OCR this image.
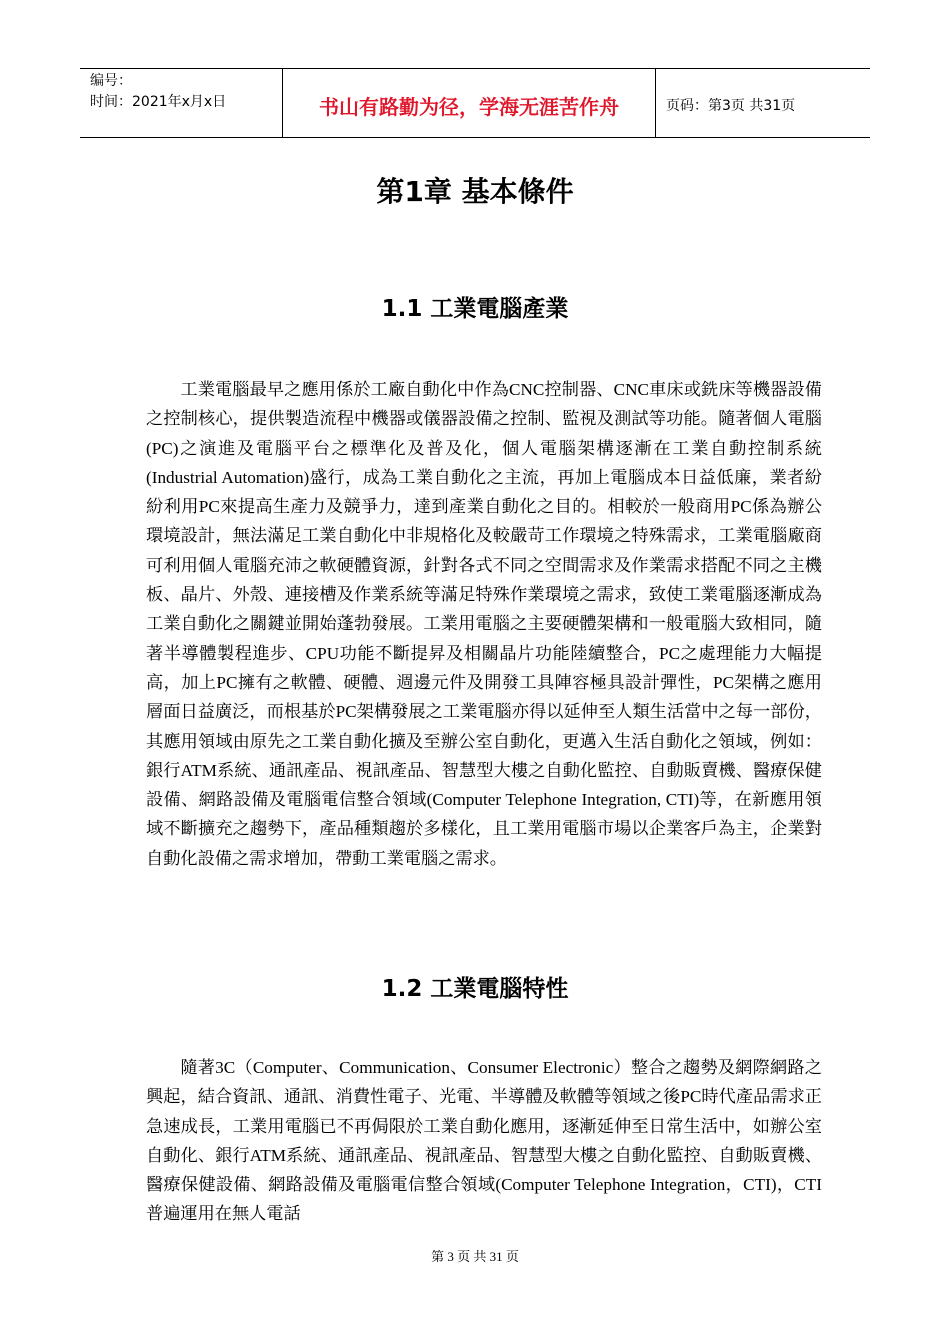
编号：
时间：2021年x月x日	书山有路勤为径，学海无涯苦作舟	页码：第3页 共31页
第1章 基本條件
1.1 工業電腦產業

工業電腦最早之應用係於工廠自動化中作為CNC控制器、CNC車床或銑床等機器設備之控制核心，提供製造流程中機器或儀器設備之控制、監視及測試等功能。隨著個人電腦(PC)之演進及電腦平台之標準化及普及化，個人電腦架構逐漸在工業自動控制系統(Industrial Automation)盛行，成為工業自動化之主流，再加上電腦成本日益低廉，業者紛紛利用PC來提高生產力及競爭力，達到產業自動化之目的。相較於一般商用PC係為辦公環境設計，無法滿足工業自動化中非規格化及較嚴苛工作環境之特殊需求，工業電腦廠商可利用個人電腦充沛之軟硬體資源，針對各式不同之空間需求及作業需求搭配不同之主機板、晶片、外殼、連接槽及作業系統等滿足特殊作業環境之需求，致使工業電腦逐漸成為工業自動化之關鍵並開始蓬勃發展。工業用電腦之主要硬體架構和一般電腦大致相同，隨著半導體製程進步、CPU功能不斷提昇及相關晶片功能陸續整合，PC之處理能力大幅提高，加上PC擁有之軟體、硬體、週邊元件及開發工具陣容極具設計彈性，PC架構之應用層面日益廣泛，而根基於PC架構發展之工業電腦亦得以延伸至人類生活當中之每一部份，其應用領域由原先之工業自動化擴及至辦公室自動化，更邁入生活自動化之領域，例如：銀行ATM系統、通訊產品、視訊產品、智慧型大樓之自動化監控、自動販賣機、醫療保健設備、網路設備及電腦電信整合領域(Computer Telephone Integration, CTI)等，在新應用領域不斷擴充之趨勢下，產品種類趨於多樣化，且工業用電腦市場以企業客戶為主，企業對自動化設備之需求增加，帶動工業電腦之需求。

1.2 工業電腦特性

隨著3C（Computer、Communication、Consumer Electronic）整合之趨勢及網際網路之興起，結合資訊、通訊、消費性電子、光電、半導體及軟體等領域之後PC時代產品需求正急速成長，工業用電腦已不再侷限於工業自動化應用，逐漸延伸至日常生活中，如辦公室自動化、銀行ATM系統、通訊產品、視訊產品、智慧型大樓之自動化監控、自動販賣機、醫療保健設備、網路設備及電腦電信整合領域(Computer Telephone Integration，CTI)，CTI普遍運用在無人電話

第 3 页 共 31 页
